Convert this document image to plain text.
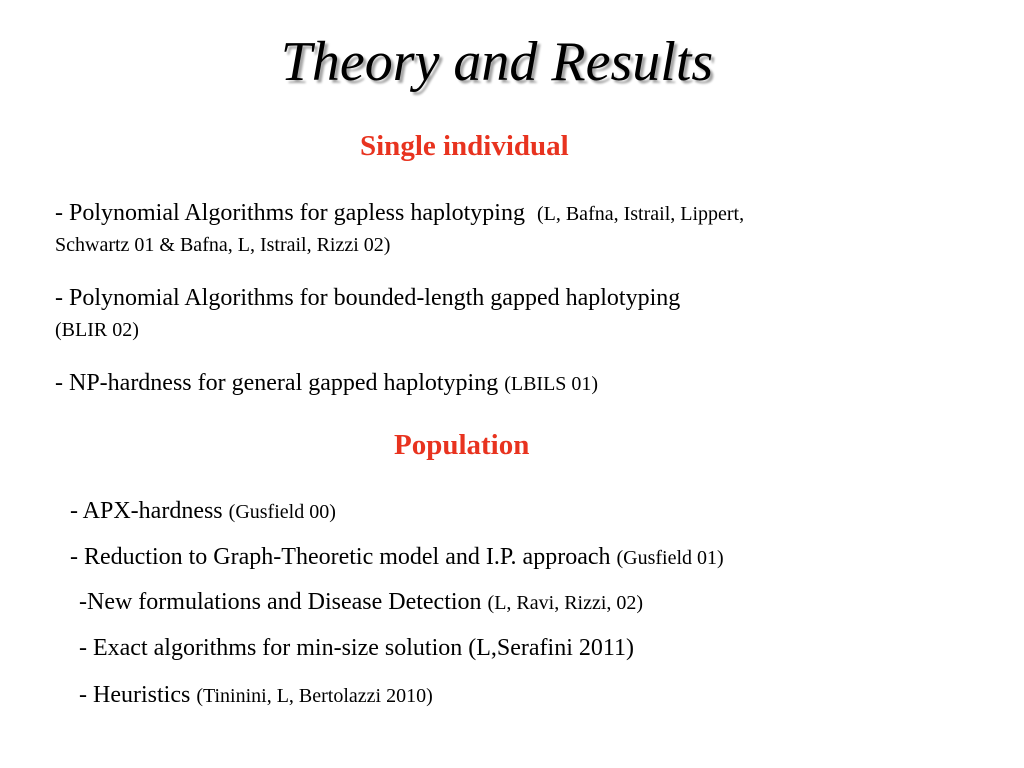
Theory and Results
Single individual
- Polynomial Algorithms for gapless haplotyping (L, Bafna, Istrail, Lippert,
Schwartz 01 & Bafna, L, Istrail, Rizzi 02)
- Polynomial Algorithms for bounded-length gapped haplotyping
(BLIR 02)
- NP-hardness for general gapped haplotyping (LBILS 01)
Population
- APX-hardness (Gusfield 00)
- Reduction to Graph-Theoretic model and I.P. approach (Gusfield 01)
-New formulations and Disease Detection (L, Ravi, Rizzi, 02)
- Exact algorithms for min-size solution (L,Serafini 2011)
- Heuristics (Tininini, L, Bertolazzi 2010)
